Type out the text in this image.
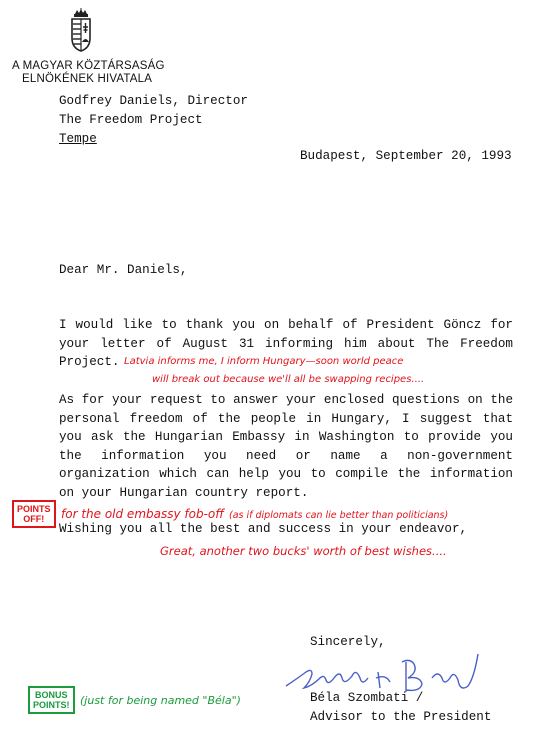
A MAGYAR KÖZTÁRSASÁG
ELNÖKÉNEK HIVATALA
Godfrey Daniels, Director
The Freedom Project
Tempe
Budapest, September 20, 1993
Dear Mr. Daniels,
I would like to thank you on behalf of President Göncz for
your letter of August 31 informing him about The Freedom
Project. Latvia informs me, I inform Hungary—soon world peace
will break out because we'll all be swapping recipes....
As for your request to answer your enclosed questions on the
personal freedom of the people in Hungary, I suggest that
you ask the Hungarian Embassy in Washington to provide you
the information you need or name a non-government
organization which can help you to compile the information
on your Hungarian country report.
POINTS
OFF!	for the old embassy fob-off (as if diplomats can lie better than politicians)
Wishing you all the best and success in your endeavor,
Great, another two bucks' worth of best wishes....
Sincerely,
Béla Szombati /
Advisor to the President
BONUS
POINTS! (just for being named "Béla")
